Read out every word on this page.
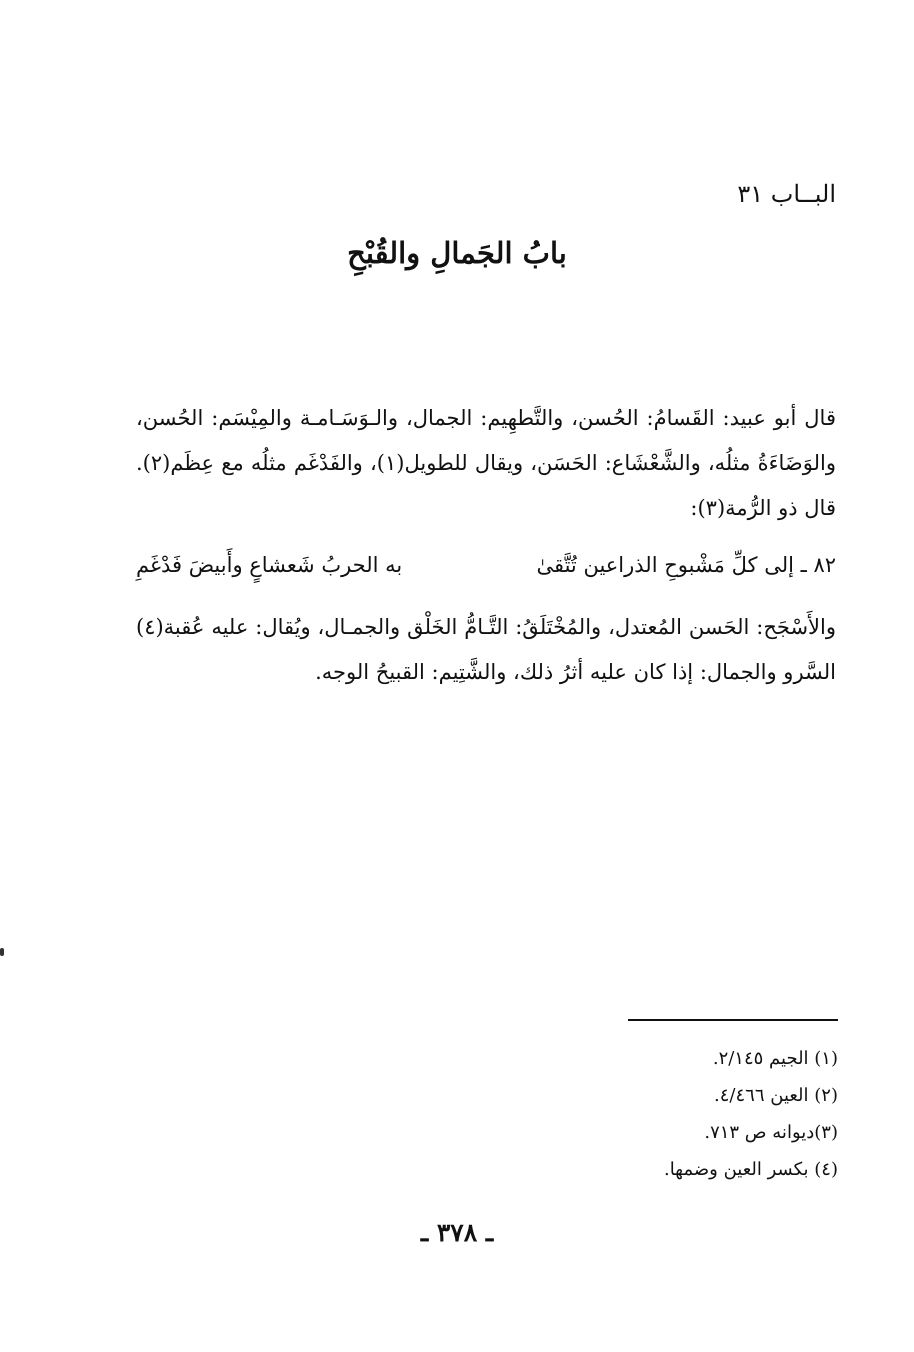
البــاب ٣١
بابُ الجَمالِ والقُبْحِ

قال أبو عبيد: القَسامُ: الحُسن، والتَّطهِيم: الجمال، والـوَسَـامـة والمِيْسَم: الحُسن، والوَضَاءَةُ مثلُه، والشَّعْشَاع: الحَسَن، ويقال للطويل(١)، والفَدْغَم مثلُه مع عِظَم(٢). قال ذو الرُّمة(٣):

٨٢ ـ إلى كلِّ مَشْبوحِ الذراعين تُتَّقىٰ
به الحربُ شَعشاعٍ وأَبيضَ فَدْغَمِ

والأَسْجَح: الحَسن المُعتدل، والمُخْتَلَقُ: التَّـامُّ الخَلْق والجمـال، ويُقال: عليه عُقبة(٤) السَّرو والجمال: إذا كان عليه أثرُ ذلك، والشَّتِيم: القبيحُ الوجه.

(١) الجيم ٢/١٤٥.
(٢) العين ٤/٤٦٦.
(٣)ديوانه ص ٧١٣.
(٤) بكسر العين وضمها.
ـ ٣٧٨ ـ
